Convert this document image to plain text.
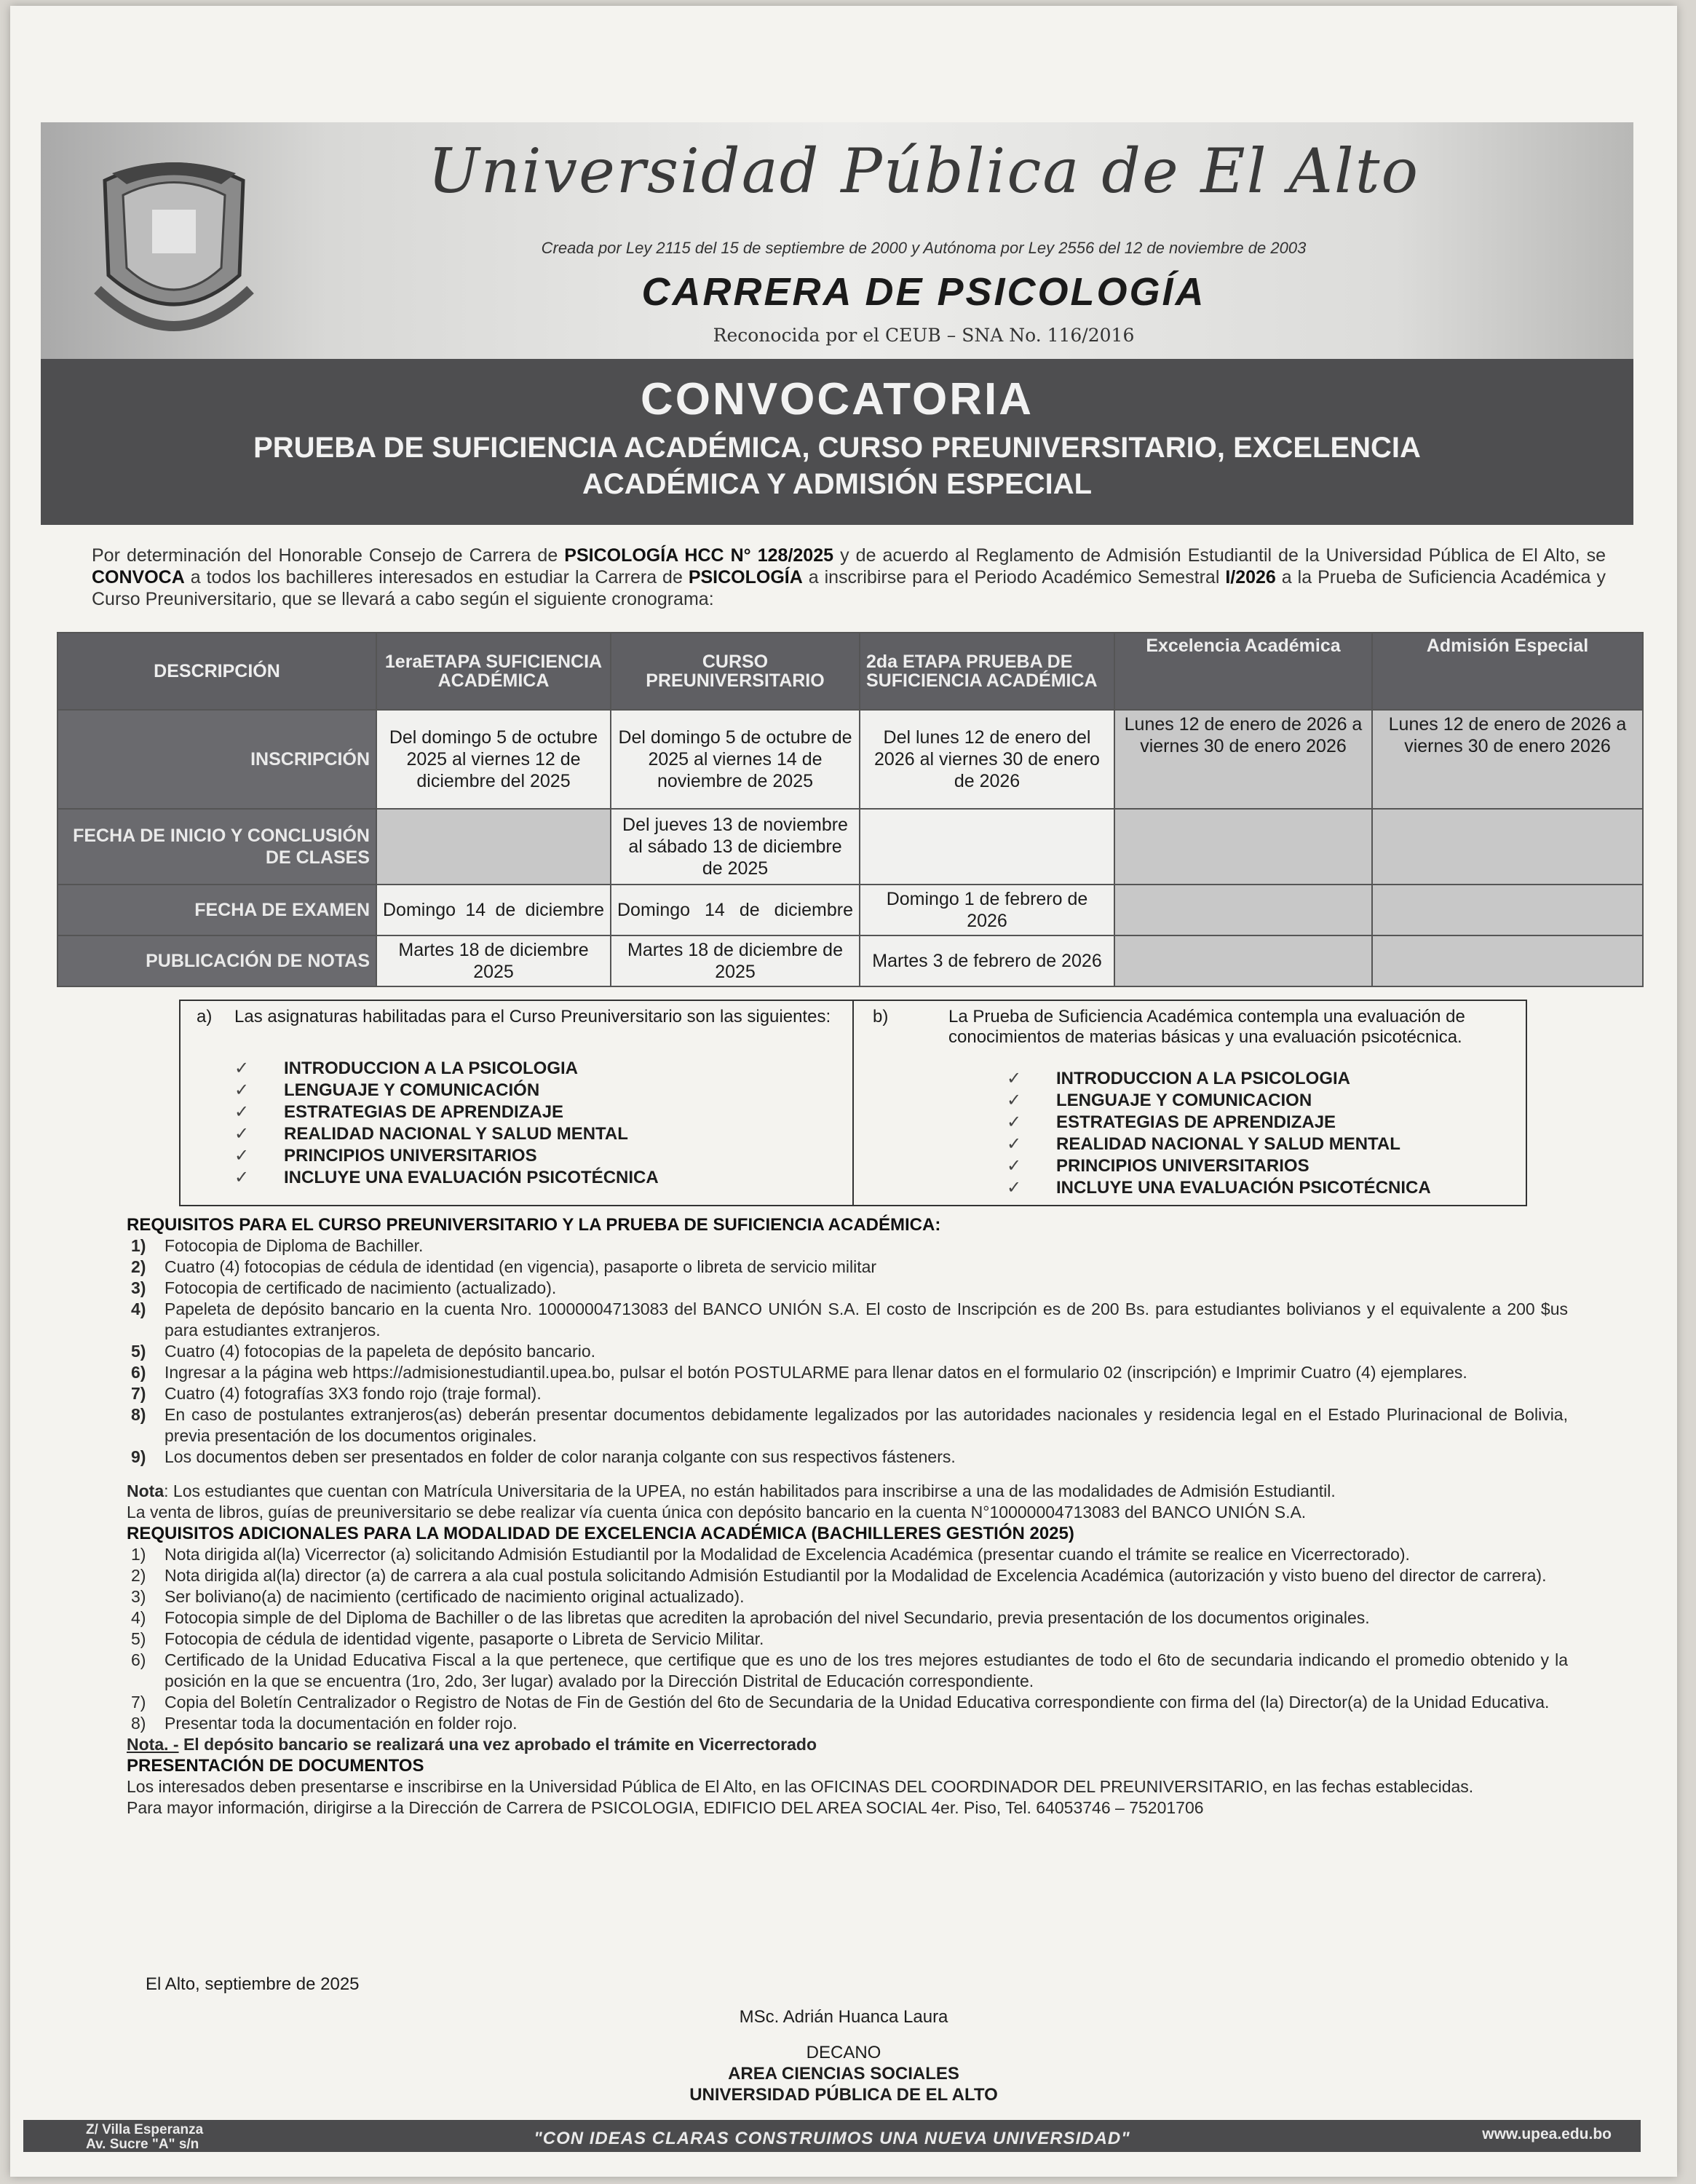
Universidad Pública de El Alto
Creada por Ley 2115 del 15 de septiembre de 2000 y Autónoma por Ley 2556 del 12 de noviembre de 2003
CARRERA DE PSICOLOGÍA
Reconocida por el CEUB – SNA No. 116/2016
CONVOCATORIA
PRUEBA DE SUFICIENCIA ACADÉMICA, CURSO PREUNIVERSITARIO, EXCELENCIA
ACADÉMICA Y ADMISIÓN ESPECIAL
Por determinación del Honorable Consejo de Carrera de PSICOLOGÍA HCC N° 128/2025 y de acuerdo al Reglamento de Admisión Estudiantil de la Universidad Pública de El Alto, se CONVOCA a todos los bachilleres interesados en estudiar la Carrera de PSICOLOGÍA a inscribirse para el Periodo Académico Semestral I/2026 a la Prueba de Suficiencia Académica y Curso Preuniversitario, que se llevará a cabo según el siguiente cronograma:
DESCRIPCIÓN	1eraETAPA SUFICIENCIA ACADÉMICA	CURSO PREUNIVERSITARIO	2da ETAPA PRUEBA DE SUFICIENCIA ACADÉMICA	Excelencia Académica	Admisión Especial
INSCRIPCIÓN	Del domingo 5 de octubre 2025 al viernes 12 de diciembre del 2025	Del domingo 5 de octubre de 2025 al viernes 14 de noviembre de 2025	Del lunes 12 de enero del 2026 al viernes 30 de enero de 2026	Lunes 12 de enero de 2026 a viernes 30 de enero 2026	Lunes 12 de enero de 2026 a viernes 30 de enero 2026
FECHA DE INICIO Y CONCLUSIÓN DE CLASES		Del jueves 13 de noviembre al sábado 13 de diciembre de 2025			
FECHA DE EXAMEN	Domingo 14 de diciembre	Domingo 14 de diciembre	Domingo 1 de febrero de 2026		
PUBLICACIÓN DE NOTAS	Martes 18 de diciembre 2025	Martes 18 de diciembre de 2025	Martes 3 de febrero de 2026		
a) Las asignaturas habilitadas para el Curso Preuniversitario son las siguientes:
✓ INTRODUCCION A LA PSICOLOGIA
✓ LENGUAJE Y COMUNICACIÓN
✓ ESTRATEGIAS DE APRENDIZAJE
✓ REALIDAD NACIONAL Y SALUD MENTAL
✓ PRINCIPIOS UNIVERSITARIOS
✓ INCLUYE UNA EVALUACIÓN PSICOTÉCNICA
b)	La Prueba de Suficiencia Académica contempla una evaluación de conocimientos de materias básicas y una evaluación psicotécnica.
✓ INTRODUCCION A LA PSICOLOGIA
✓ LENGUAJE Y COMUNICACION
✓ ESTRATEGIAS DE APRENDIZAJE
✓ REALIDAD NACIONAL Y SALUD MENTAL
✓ PRINCIPIOS UNIVERSITARIOS
✓ INCLUYE UNA EVALUACIÓN PSICOTÉCNICA
REQUISITOS PARA EL CURSO PREUNIVERSITARIO Y LA PRUEBA DE SUFICIENCIA ACADÉMICA:
1) Fotocopia de Diploma de Bachiller.
2) Cuatro (4) fotocopias de cédula de identidad (en vigencia), pasaporte o libreta de servicio militar
3) Fotocopia de certificado de nacimiento (actualizado).
4) Papeleta de depósito bancario en la cuenta Nro. 10000004713083 del BANCO UNIÓN S.A. El costo de Inscripción es de 200 Bs. para estudiantes bolivianos y el equivalente a 200 $us para estudiantes extranjeros.
5) Cuatro (4) fotocopias de la papeleta de depósito bancario.
6) Ingresar a la página web https://admisionestudiantil.upea.bo, pulsar el botón POSTULARME para llenar datos en el formulario 02 (inscripción) e Imprimir Cuatro (4) ejemplares.
7) Cuatro (4) fotografías 3X3 fondo rojo (traje formal).
8) En caso de postulantes extranjeros(as) deberán presentar documentos debidamente legalizados por las autoridades nacionales y residencia legal en el Estado Plurinacional de Bolivia, previa presentación de los documentos originales.
9) Los documentos deben ser presentados en folder de color naranja colgante con sus respectivos fásteners.

Nota: Los estudiantes que cuentan con Matrícula Universitaria de la UPEA, no están habilitados para inscribirse a una de las modalidades de Admisión Estudiantil.

La venta de libros, guías de preuniversitario se debe realizar vía cuenta única con depósito bancario en la cuenta N°10000004713083 del BANCO UNIÓN S.A.

REQUISITOS ADICIONALES PARA LA MODALIDAD DE EXCELENCIA ACADÉMICA (BACHILLERES GESTIÓN 2025)
1) Nota dirigida al(la) Vicerrector (a) solicitando Admisión Estudiantil por la Modalidad de Excelencia Académica (presentar cuando el trámite se realice en Vicerrectorado).
2) Nota dirigida al(la) director (a) de carrera a ala cual postula solicitando Admisión Estudiantil por la Modalidad de Excelencia Académica (autorización y visto bueno del director de carrera).
3) Ser boliviano(a) de nacimiento (certificado de nacimiento original actualizado).
4) Fotocopia simple de del Diploma de Bachiller o de las libretas que acrediten la aprobación del nivel Secundario, previa presentación de los documentos originales.
5) Fotocopia de cédula de identidad vigente, pasaporte o Libreta de Servicio Militar.
6) Certificado de la Unidad Educativa Fiscal a la que pertenece, que certifique que es uno de los tres mejores estudiantes de todo el 6to de secundaria indicando el promedio obtenido y la posición en la que se encuentra (1ro, 2do, 3er lugar) avalado por la Dirección Distrital de Educación correspondiente.
7) Copia del Boletín Centralizador o Registro de Notas de Fin de Gestión del 6to de Secundaria de la Unidad Educativa correspondiente con firma del (la) Director(a) de la Unidad Educativa.
8) Presentar toda la documentación en folder rojo.

Nota. - El depósito bancario se realizará una vez aprobado el trámite en Vicerrectorado

PRESENTACIÓN DE DOCUMENTOS

Los interesados deben presentarse e inscribirse en la Universidad Pública de El Alto, en las OFICINAS DEL COORDINADOR DEL PREUNIVERSITARIO, en las fechas establecidas.

Para mayor información, dirigirse a la Dirección de Carrera de PSICOLOGIA, EDIFICIO DEL AREA SOCIAL 4er. Piso, Tel. 64053746 – 75201706

El Alto, septiembre de 2025
MSc. Adrián Huanca Laura
DECANO
AREA CIENCIAS SOCIALES
UNIVERSIDAD PÚBLICA DE EL ALTO
Z/ Villa Esperanza
Av. Sucre "A" s/n	"CON IDEAS CLARAS CONSTRUIMOS UNA NUEVA UNIVERSIDAD"	www.upea.edu.bo
